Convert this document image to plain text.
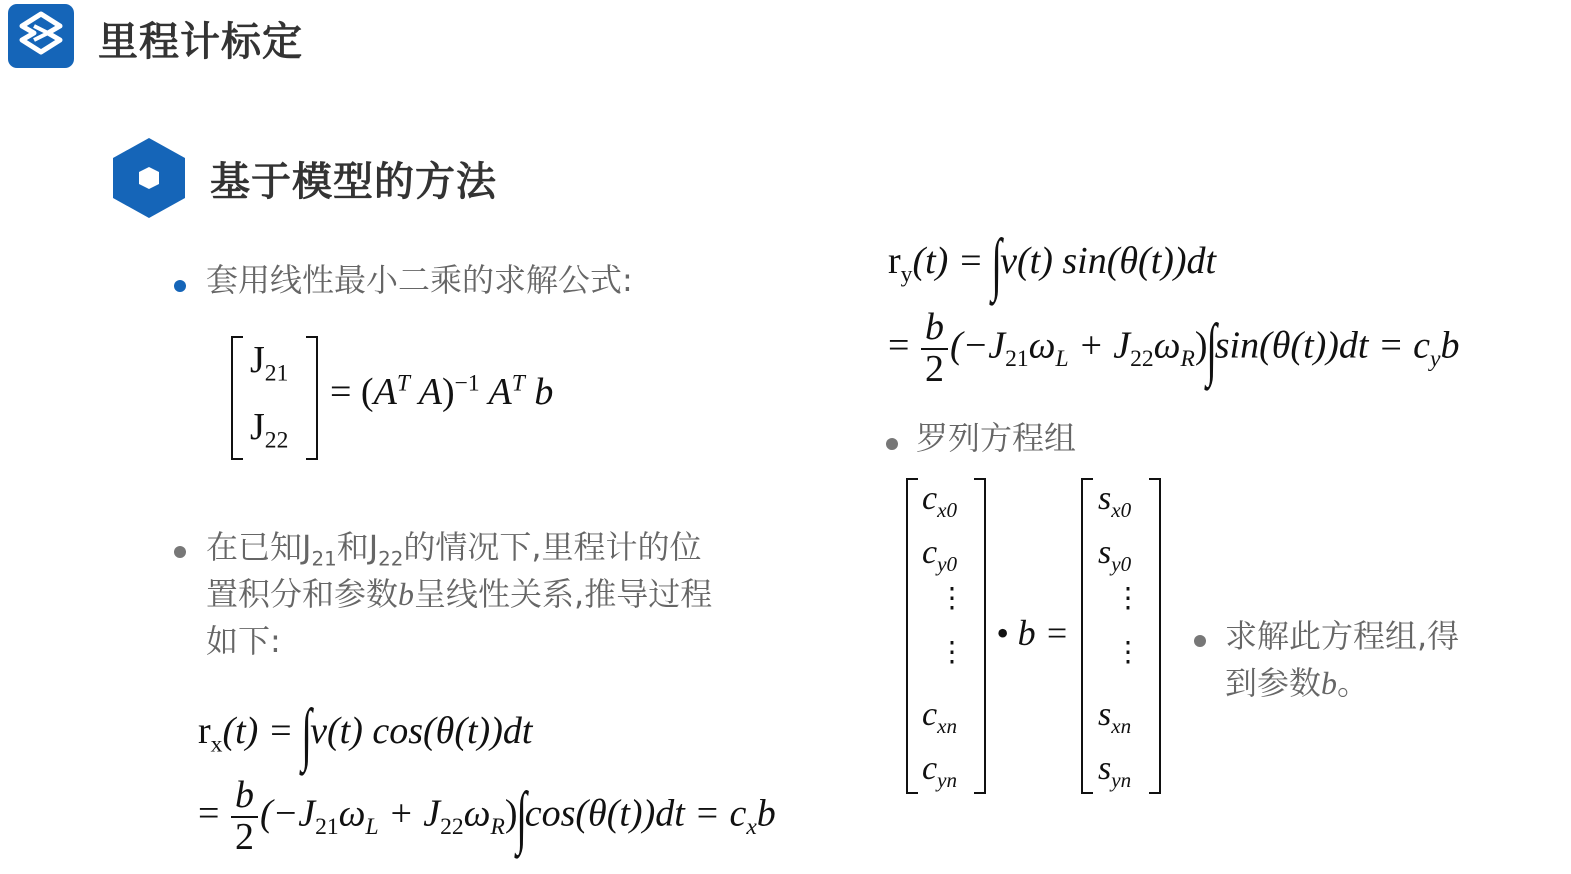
里程计标定
基于模型的方法
套用线性最小二乘的求解公式:
$J_{21}$
$J_{22}$
= ($A^T$ A)$^{-1}$ $A^T$ b
在已知$J_{21}$和$J_{22}$的情况下,里程计的位
置积分和参数b呈线性关系,推导过程
如下:
$r_x(t) = \int v(t)$ cos(θ(t))dt
= $\frac{b}{2} (-J_{21}\omega_L + J_{22}\omega_R)\int\cos(\theta(t))dt = c_xb$
$r_y(t) = \int v(t)$ sin(θ(t))dt
= $\frac{b}{2} (-J_{21}\omega_L + J_{22}\omega_R)\int\sin(\theta(t))dt = c_yb$
罗列方程组
$c_{x0}$
$c_{y0}$
⋮
⋮
$c_{xn}$
$c_{yn}$
• b =
$s_{x0}$
$s_{y0}$
⋮
⋮
$s_{xn}$
$s_{yn}$
求解此方程组,得
到参数b。
